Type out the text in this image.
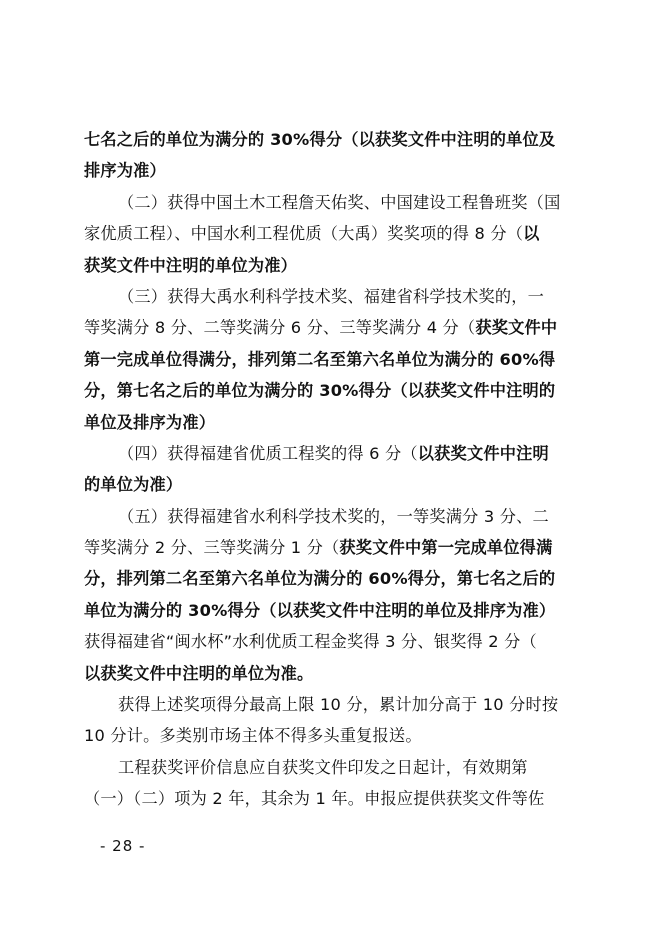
七名之后的单位为满分的 30%得分（以获奖文件中注明的单位及
排序为准）
（二）获得中国土木工程詹天佑奖、中国建设工程鲁班奖（国
家优质工程）、中国水利工程优质（大禹）奖奖项的得 8 分（以
获奖文件中注明的单位为准）
（三）获得大禹水利科学技术奖、福建省科学技术奖的，一
等奖满分 8 分、二等奖满分 6 分、三等奖满分 4 分（获奖文件中
第一完成单位得满分，排列第二名至第六名单位为满分的 60%得
分，第七名之后的单位为满分的 30%得分（以获奖文件中注明的
单位及排序为准）
（四）获得福建省优质工程奖的得 6 分（以获奖文件中注明
的单位为准）
（五）获得福建省水利科学技术奖的，一等奖满分 3 分、二
等奖满分 2 分、三等奖满分 1 分（获奖文件中第一完成单位得满
分，排列第二名至第六名单位为满分的 60%得分，第七名之后的
单位为满分的 30%得分（以获奖文件中注明的单位及排序为准）
获得福建省“闽水杯”水利优质工程金奖得 3 分、银奖得 2 分（
以获奖文件中注明的单位为准。
获得上述奖项得分最高上限 10 分，累计加分高于 10 分时按
10 分计。多类别市场主体不得多头重复报送。
工程获奖评价信息应自获奖文件印发之日起计，有效期第
（一）（二）项为 2 年，其余为 1 年。申报应提供获奖文件等佐
- 28 -
